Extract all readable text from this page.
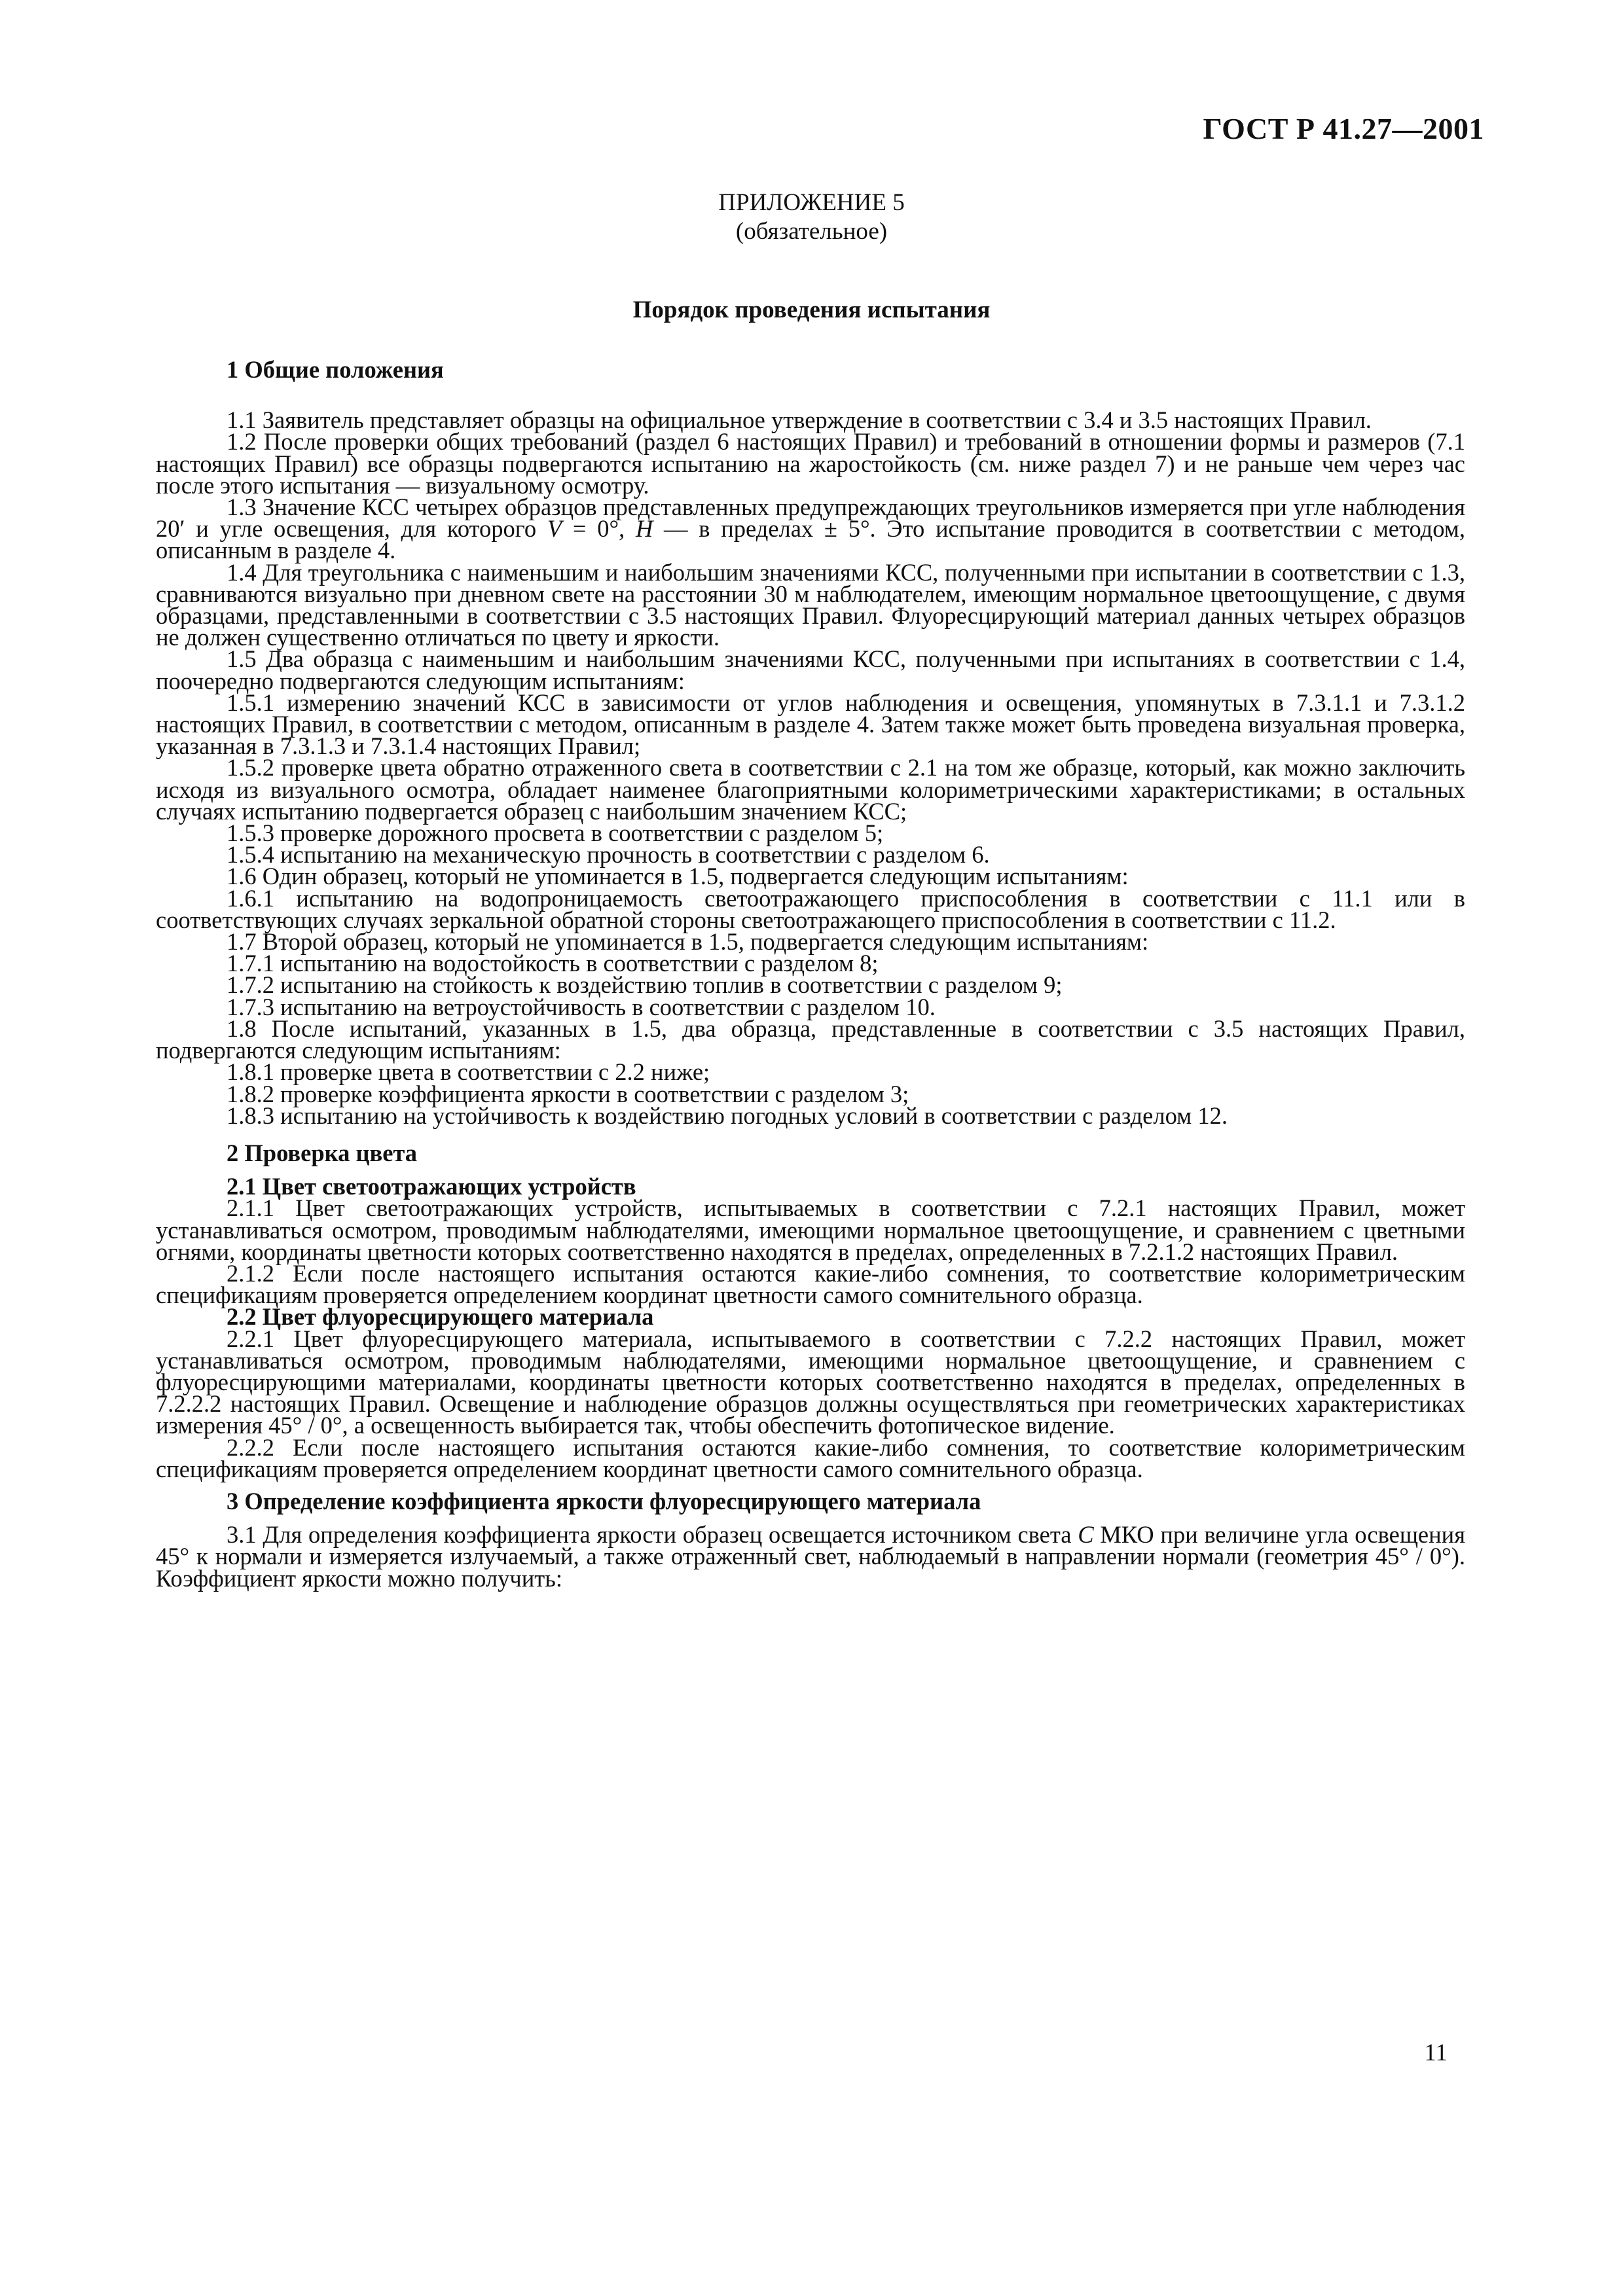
ГОСТ Р 41.27—2001
ПРИЛОЖЕНИЕ 5
(обязательное)
Порядок проведения испытания
1 Общие положения

1.1 Заявитель представляет образцы на официальное утверждение в соответствии с 3.4 и 3.5 настоящих Правил.

1.2 После проверки общих требований (раздел 6 настоящих Правил) и требований в отношении формы и размеров (7.1 настоящих Правил) все образцы подвергаются испытанию на жаростойкость (см. ниже раздел 7) и не раньше чем через час после этого испытания — визуальному осмотру.

1.3 Значение КСС четырех образцов представленных предупреждающих треугольников измеряется при угле наблюдения 20′ и угле освещения, для которого V = 0°, H — в пределах ± 5°. Это испытание проводится в соответствии с методом, описанным в разделе 4.

1.4 Для треугольника с наименьшим и наибольшим значениями КСС, полученными при испытании в соответствии с 1.3, сравниваются визуально при дневном свете на расстоянии 30 м наблюдателем, имеющим нормальное цветоощущение, с двумя образцами, представленными в соответствии с 3.5 настоящих Правил. Флуоресцирующий материал данных четырех образцов не должен существенно отличаться по цвету и яркости.

1.5 Два образца с наименьшим и наибольшим значениями КСС, полученными при испытаниях в соответствии с 1.4, поочередно подвергаются следующим испытаниям:

1.5.1 измерению значений КСС в зависимости от углов наблюдения и освещения, упомянутых в 7.3.1.1 и 7.3.1.2 настоящих Правил, в соответствии с методом, описанным в разделе 4. Затем также может быть проведена визуальная проверка, указанная в 7.3.1.3 и 7.3.1.4 настоящих Правил;

1.5.2 проверке цвета обратно отраженного света в соответствии с 2.1 на том же образце, который, как можно заключить исходя из визуального осмотра, обладает наименее благоприятными колориметрическими характеристиками; в остальных случаях испытанию подвергается образец с наибольшим значением КСС;

1.5.3 проверке дорожного просвета в соответствии с разделом 5;

1.5.4 испытанию на механическую прочность в соответствии с разделом 6.

1.6 Один образец, который не упоминается в 1.5, подвергается следующим испытаниям:

1.6.1 испытанию на водопроницаемость светоотражающего приспособления в соответствии с 11.1 или в соответствующих случаях зеркальной обратной стороны светоотражающего приспособления в соответствии с 11.2.

1.7 Второй образец, который не упоминается в 1.5, подвергается следующим испытаниям:

1.7.1 испытанию на водостойкость в соответствии с разделом 8;

1.7.2 испытанию на стойкость к воздействию топлив в соответствии с разделом 9;

1.7.3 испытанию на ветроустойчивость в соответствии с разделом 10.

1.8 После испытаний, указанных в 1.5, два образца, представленные в соответствии с 3.5 настоящих Правил, подвергаются следующим испытаниям:

1.8.1 проверке цвета в соответствии с 2.2 ниже;

1.8.2 проверке коэффициента яркости в соответствии с разделом 3;

1.8.3 испытанию на устойчивость к воздействию погодных условий в соответствии с разделом 12.

2 Проверка цвета
2.1 Цвет светоотражающих устройств

2.1.1 Цвет светоотражающих устройств, испытываемых в соответствии с 7.2.1 настоящих Правил, может устанавливаться осмотром, проводимым наблюдателями, имеющими нормальное цветоощущение, и сравнением с цветными огнями, координаты цветности которых соответственно находятся в пределах, определенных в 7.2.1.2 настоящих Правил.

2.1.2 Если после настоящего испытания остаются какие-либо сомнения, то соответствие колориметрическим спецификациям проверяется определением координат цветности самого сомнительного образца.

2.2 Цвет флуоресцирующего материала

2.2.1 Цвет флуоресцирующего материала, испытываемого в соответствии с 7.2.2 настоящих Правил, может устанавливаться осмотром, проводимым наблюдателями, имеющими нормальное цветоощущение, и сравнением с флуоресцирующими материалами, координаты цветности которых соответственно находятся в пределах, определенных в 7.2.2.2 настоящих Правил. Освещение и наблюдение образцов должны осуществляться при геометрических характеристиках измерения 45° / 0°, а освещенность выбирается так, чтобы обеспечить фотопическое видение.

2.2.2 Если после настоящего испытания остаются какие-либо сомнения, то соответствие колориметрическим спецификациям проверяется определением координат цветности самого сомнительного образца.

3 Определение коэффициента яркости флуоресцирующего материала

3.1 Для определения коэффициента яркости образец освещается источником света С МКО при величине угла освещения 45° к нормали и измеряется излучаемый, а также отраженный свет, наблюдаемый в направлении нормали (геометрия 45° / 0°). Коэффициент яркости можно получить:

11
